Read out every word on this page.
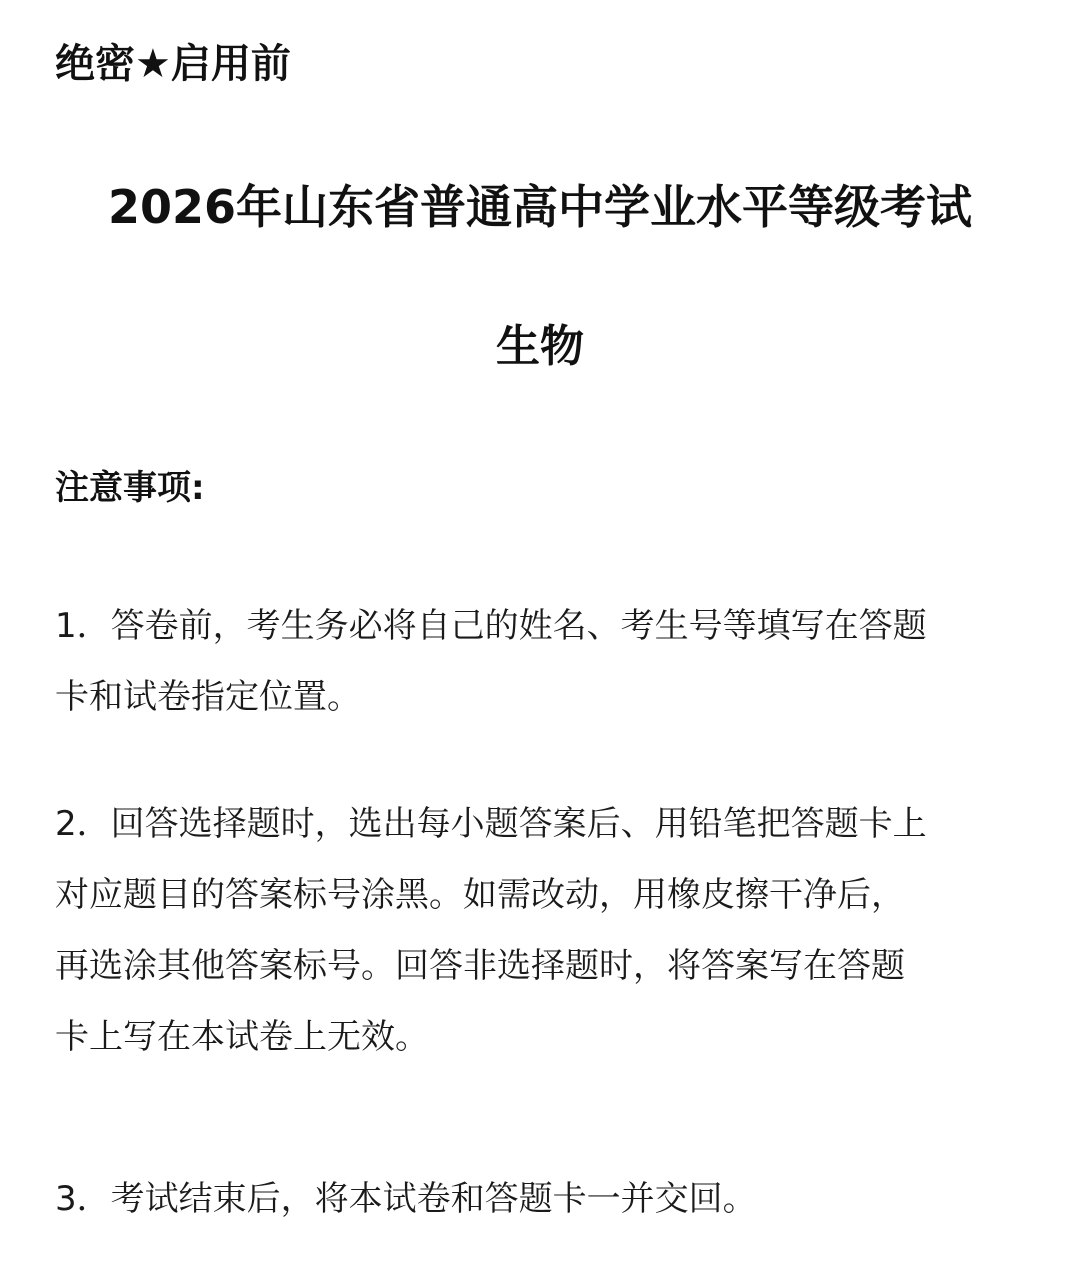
绝密★启用前
2026年山东省普通高中学业水平等级考试
生物
注意事项:
1．答卷前，考生务必将自己的姓名、考生号等填写在答题
卡和试卷指定位置。
2．回答选择题时，选出每小题答案后、用铅笔把答题卡上
对应题目的答案标号涂黑。如需改动，用橡皮擦干净后，
再选涂其他答案标号。回答非选择题时，将答案写在答题
卡上写在本试卷上无效。
3．考试结束后，将本试卷和答题卡一并交回。
